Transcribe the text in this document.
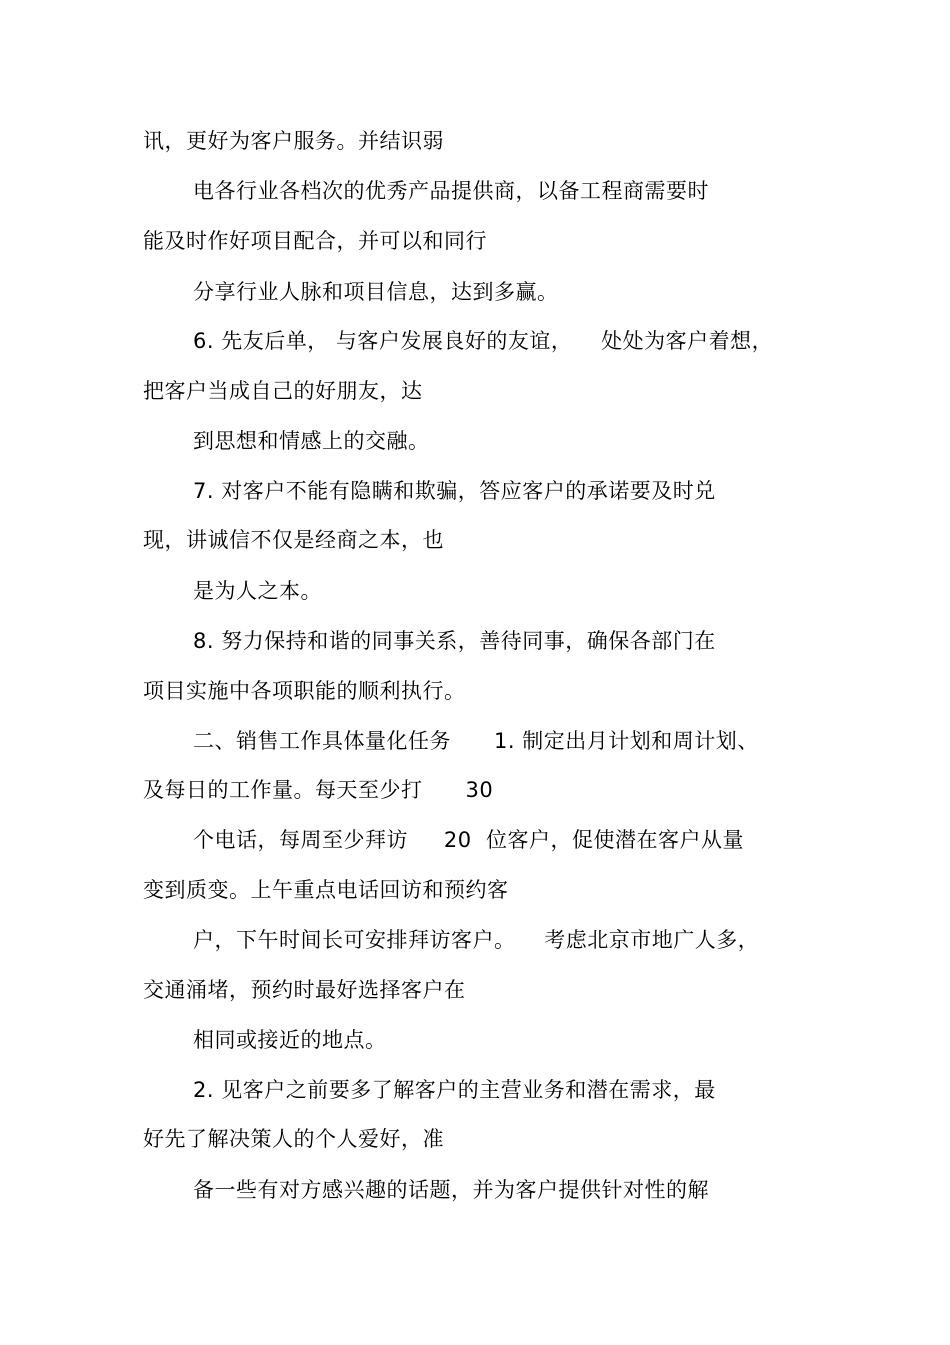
讯，更好为客户服务。并结识弱
电各行业各档次的优秀产品提供商，以备工程商需要时
能及时作好项目配合，并可以和同行
分享行业人脉和项目信息，达到多赢。
6. 先友后单， 与客户发展良好的友谊，    处处为客户着想，
把客户当成自己的好朋友，达
到思想和情感上的交融。
7. 对客户不能有隐瞒和欺骗，答应客户的承诺要及时兑
现，讲诚信不仅是经商之本，也
是为人之本。
8. 努力保持和谐的同事关系，善待同事，确保各部门在
项目实施中各项职能的顺利执行。
二、销售工作具体量化任务      1. 制定出月计划和周计划、
及每日的工作量。每天至少打      30
个电话，每周至少拜访     20  位客户，促使潜在客户从量
变到质变。上午重点电话回访和预约客
户，下午时间长可安排拜访客户。    考虑北京市地广人多，
交通涌堵，预约时最好选择客户在
相同或接近的地点。
2. 见客户之前要多了解客户的主营业务和潜在需求，最
好先了解决策人的个人爱好，准
备一些有对方感兴趣的话题，并为客户提供针对性的解
